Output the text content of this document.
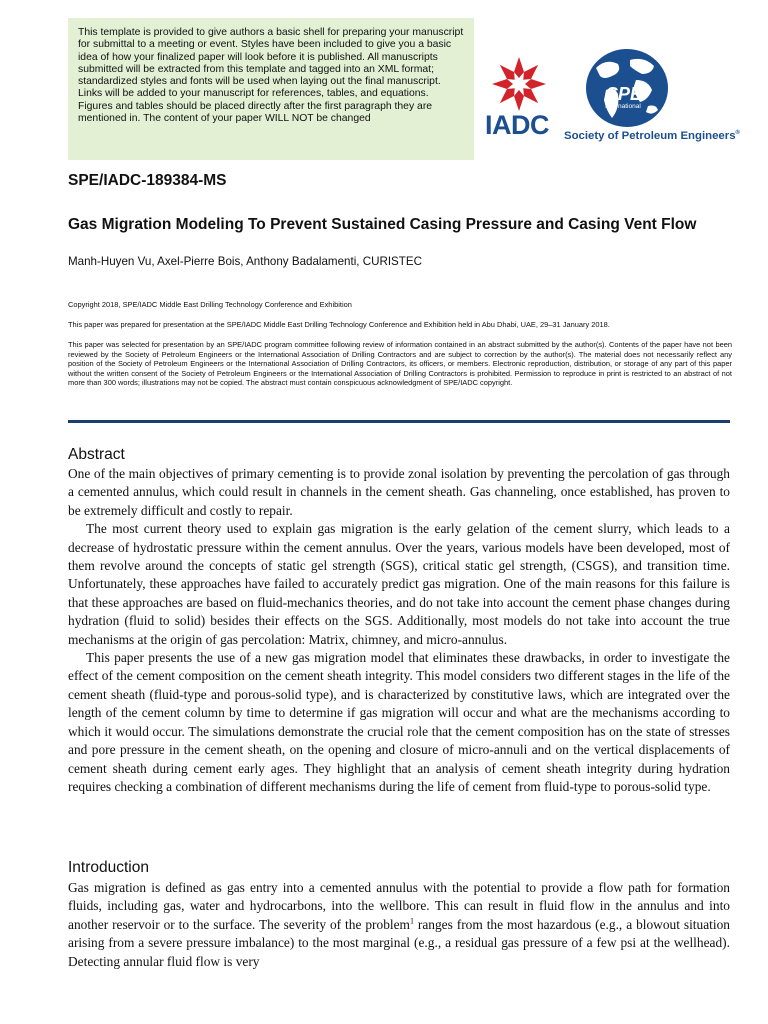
This template is provided to give authors a basic shell for preparing your manuscript for submittal to a meeting or event. Styles have been included to give you a basic idea of how your finalized paper will look before it is published. All manuscripts submitted will be extracted from this template and tagged into an XML format; standardized styles and fonts will be used when laying out the final manuscript. Links will be added to your manuscript for references, tables, and equations. Figures and tables should be placed directly after the first paragraph they are mentioned in. The content of your paper WILL NOT be changed	IADC
SPE
International
Society of Petroleum Engineers®
SPE/IADC-189384-MS
Gas Migration Modeling To Prevent Sustained Casing Pressure and Casing Vent Flow
Manh-Huyen Vu, Axel-Pierre Bois, Anthony Badalamenti, CURISTEC
Copyright 2018, SPE/IADC Middle East Drilling Technology Conference and Exhibition
This paper was prepared for presentation at the SPE/IADC Middle East Drilling Technology Conference and Exhibition held in Abu Dhabi, UAE, 29–31 January 2018.
This paper was selected for presentation by an SPE/IADC program committee following review of information contained in an abstract submitted by the author(s). Contents of the paper have not been reviewed by the Society of Petroleum Engineers or the International Association of Drilling Contractors and are subject to correction by the author(s). The material does not necessarily reflect any position of the Society of Petroleum Engineers or the International Association of Drilling Contractors, its officers, or members. Electronic reproduction, distribution, or storage of any part of this paper without the written consent of the Society of Petroleum Engineers or the International Association of Drilling Contractors is prohibited. Permission to reproduce in print is restricted to an abstract of not more than 300 words; illustrations may not be copied. The abstract must contain conspicuous acknowledgment of SPE/IADC copyright.
Abstract

One of the main objectives of primary cementing is to provide zonal isolation by preventing the percolation of gas through a cemented annulus, which could result in channels in the cement sheath. Gas channeling, once established, has proven to be extremely difficult and costly to repair.

The most current theory used to explain gas migration is the early gelation of the cement slurry, which leads to a decrease of hydrostatic pressure within the cement annulus. Over the years, various models have been developed, most of them revolve around the concepts of static gel strength (SGS), critical static gel strength, (CSGS), and transition time. Unfortunately, these approaches have failed to accurately predict gas migration. One of the main reasons for this failure is that these approaches are based on fluid-mechanics theories, and do not take into account the cement phase changes during hydration (fluid to solid) besides their effects on the SGS. Additionally, most models do not take into account the true mechanisms at the origin of gas percolation: Matrix, chimney, and micro-annulus.

This paper presents the use of a new gas migration model that eliminates these drawbacks, in order to investigate the effect of the cement composition on the cement sheath integrity. This model considers two different stages in the life of the cement sheath (fluid-type and porous-solid type), and is characterized by constitutive laws, which are integrated over the length of the cement column by time to determine if gas migration will occur and what are the mechanisms according to which it would occur. The simulations demonstrate the crucial role that the cement composition has on the state of stresses and pore pressure in the cement sheath, on the opening and closure of micro-annuli and on the vertical displacements of cement sheath during cement early ages. They highlight that an analysis of cement sheath integrity during hydration requires checking a combination of different mechanisms during the life of cement from fluid-type to porous-solid type.

Introduction

Gas migration is defined as gas entry into a cemented annulus with the potential to provide a flow path for formation fluids, including gas, water and hydrocarbons, into the wellbore. This can result in fluid flow in the annulus and into another reservoir or to the surface. The severity of the problem$^1$ ranges from the most hazardous (e.g., a blowout situation arising from a severe pressure imbalance) to the most marginal (e.g., a residual gas pressure of a few psi at the wellhead). Detecting annular fluid flow is very
